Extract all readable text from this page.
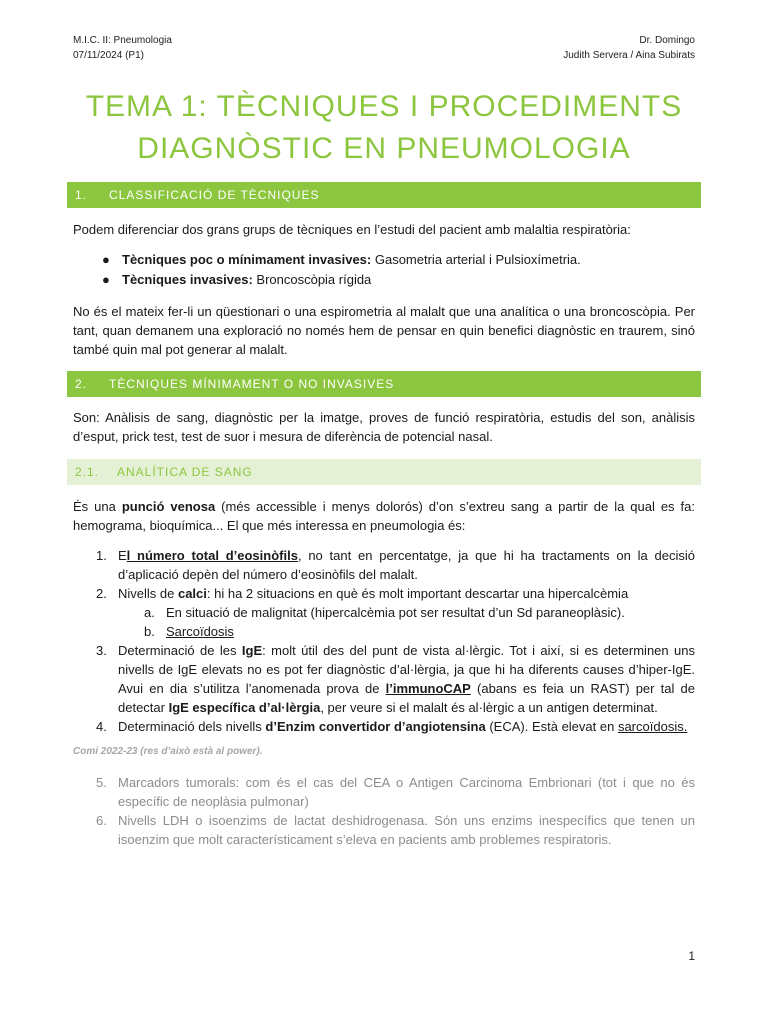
M.I.C. II: Pneumologia
07/11/2024 (P1)
Dr. Domingo
Judith Servera / Aina Subirats
TEMA 1: TÈCNIQUES I PROCEDIMENTS
DIAGNÒSTIC EN PNEUMOLOGIA
1. CLASSIFICACIÓ DE TÈCNIQUES
Podem diferenciar dos grans grups de tècniques en l’estudi del pacient amb malaltia respiratòria:
● Tècniques poc o mínimament invasives: Gasometria arterial i Pulsioxímetria.
● Tècniques invasives: Broncoscòpia rígida
No és el mateix fer-li un qüestionari o una espirometria al malalt que una analítica o una broncoscòpia. Per tant, quan demanem una exploració no només hem de pensar en quin benefici diagnòstic en traurem, sinó també quin mal pot generar al malalt.
2. TÈCNIQUES MÍNIMAMENT O NO INVASIVES
Son: Anàlisis de sang, diagnòstic per la imatge, proves de funció respiratòria, estudis del son, anàlisis d’esput, prick test, test de suor i mesura de diferència de potencial nasal.
2.1. ANALÍTICA DE SANG
És una punció venosa (més accessible i menys dolorós) d’on s’extreu sang a partir de la qual es fa: hemograma, bioquímica... El que més interessa en pneumologia és:
1. El número total d’eosinòfils, no tant en percentatge, ja que hi ha tractaments on la decisió d’aplicació depèn del número d’eosinòfils del malalt.
2. Nivells de calci: hi ha 2 situacions en què és molt important descartar una hipercalcèmia
a. En situació de malignitat (hipercalcèmia pot ser resultat d’un Sd paraneoplàsic).
b. Sarcoïdosis
3. Determinació de les IgE: molt útil des del punt de vista al·lèrgic. Tot i així, si es determinen uns nivells de IgE elevats no es pot fer diagnòstic d’al·lèrgia, ja que hi ha diferents causes d’hiper-IgE. Avui en dia s’utilitza l’anomenada prova de l’immunoCAP (abans es feia un RAST) per tal de detectar IgE específica d’al·lèrgia, per veure si el malalt és al·lèrgic a un antigen determinat.
4. Determinació dels nivells d’Enzim convertidor d’angiotensina (ECA). Està elevat en sarcoïdosis.
Comi 2022-23 (res d’això està al power).
5. Marcadors tumorals: com és el cas del CEA o Antigen Carcinoma Embrionari (tot i que no és específic de neoplàsia pulmonar)
6. Nivells LDH o isoenzims de lactat deshidrogenasa. Són uns enzims inespecífics que tenen un isoenzim que molt característicament s’eleva en pacients amb problemes respiratoris.
1
